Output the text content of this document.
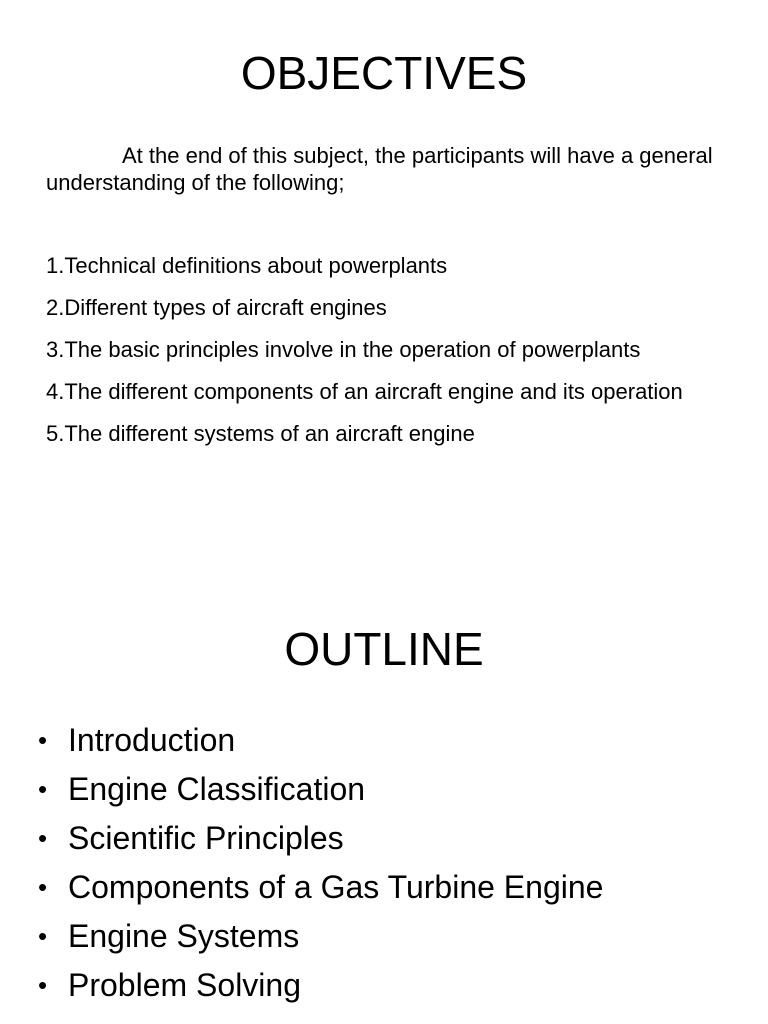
OBJECTIVES

At the end of this subject, the participants will have a general understanding of the following;

1.Technical definitions about powerplants
2.Different types of aircraft engines
3.The basic principles involve in the operation of powerplants
4.The different components of an aircraft engine and its operation
5.The different systems of an aircraft engine
OUTLINE
• Introduction
• Engine Classification
• Scientific Principles
• Components of a Gas Turbine Engine
• Engine Systems
• Problem Solving
